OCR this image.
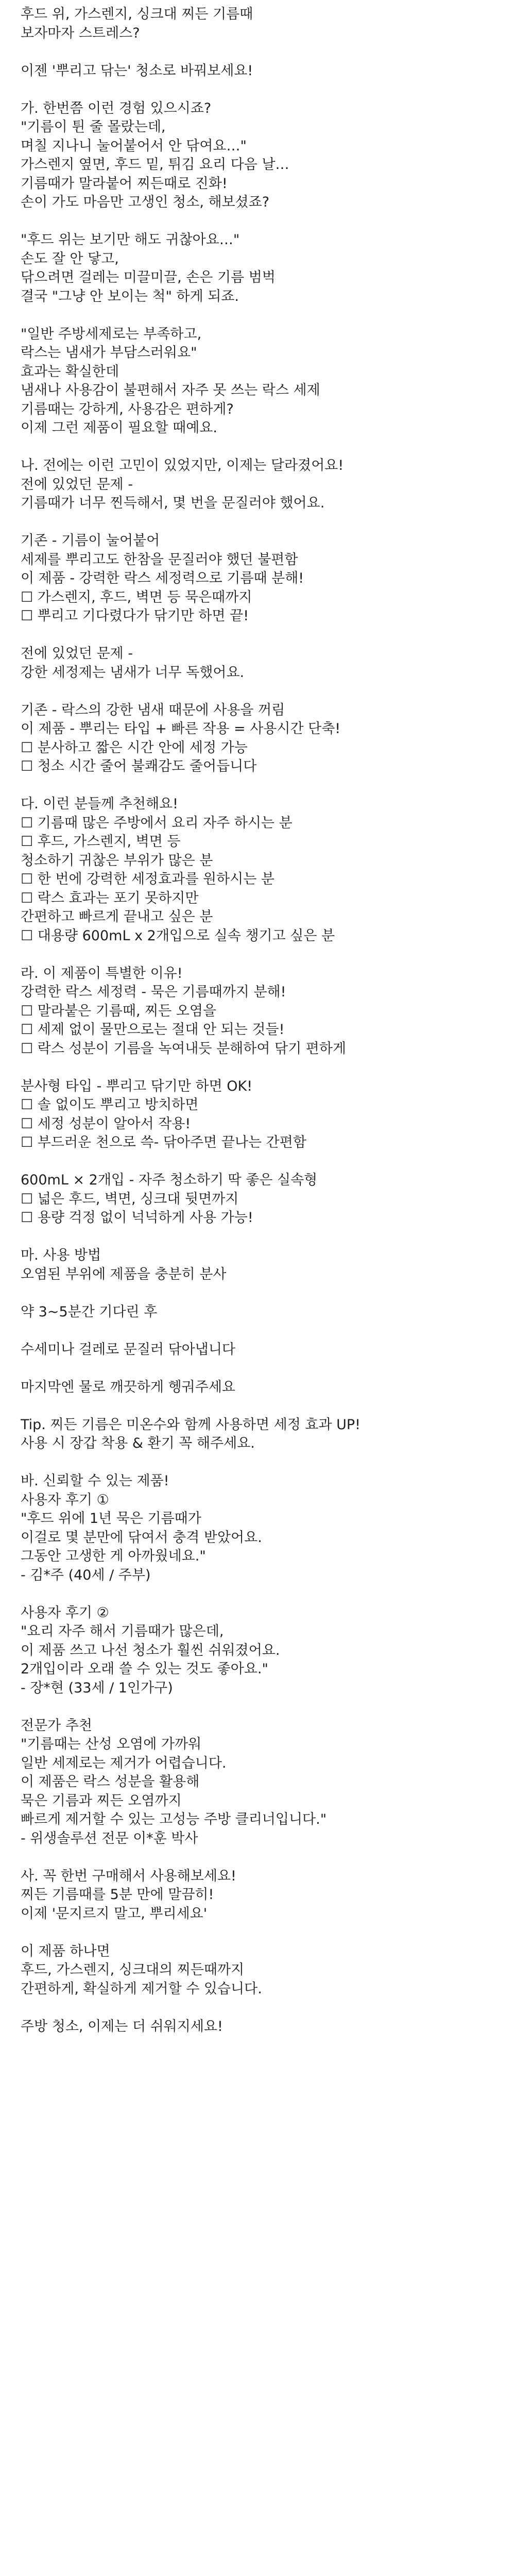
후드 위, 가스렌지, 싱크대 찌든 기름때

보자마자 스트레스?

이젠 '뿌리고 닦는' 청소로 바꿔보세요!

가. 한번쯤 이런 경험 있으시죠?

"기름이 튄 줄 몰랐는데,

며칠 지나니 눌어붙어서 안 닦여요…"

가스렌지 옆면, 후드 밑, 튀김 요리 다음 날…

기름때가 말라붙어 찌든때로 진화!

손이 가도 마음만 고생인 청소, 해보셨죠?

"후드 위는 보기만 해도 귀찮아요…"

손도 잘 안 닿고,

닦으려면 걸레는 미끌미끌, 손은 기름 범벅

결국 "그냥 안 보이는 척" 하게 되죠.

"일반 주방세제로는 부족하고,

락스는 냄새가 부담스러워요"

효과는 확실한데

냄새나 사용감이 불편해서 자주 못 쓰는 락스 세제

기름때는 강하게, 사용감은 편하게?

이제 그런 제품이 필요할 때예요.

나. 전에는 이런 고민이 있었지만, 이제는 달라졌어요!

전에 있었던 문제 -

기름때가 너무 찐득해서, 몇 번을 문질러야 했어요.

기존 - 기름이 눌어붙어

세제를 뿌리고도 한참을 문질러야 했던 불편함

이 제품 - 강력한 락스 세정력으로 기름때 분해!

☐ 가스렌지, 후드, 벽면 등 묵은때까지

☐ 뿌리고 기다렸다가 닦기만 하면 끝!

전에 있었던 문제 -

강한 세정제는 냄새가 너무 독했어요.

기존 - 락스의 강한 냄새 때문에 사용을 꺼림

이 제품 - 뿌리는 타입 + 빠른 작용 = 사용시간 단축!

☐ 분사하고 짧은 시간 안에 세정 가능

☐ 청소 시간 줄어 불쾌감도 줄어듭니다

다. 이런 분들께 추천해요!

☐ 기름때 많은 주방에서 요리 자주 하시는 분

☐ 후드, 가스렌지, 벽면 등

청소하기 귀찮은 부위가 많은 분

☐ 한 번에 강력한 세정효과를 원하시는 분

☐ 락스 효과는 포기 못하지만

간편하고 빠르게 끝내고 싶은 분

☐ 대용량 600mL x 2개입으로 실속 챙기고 싶은 분

라. 이 제품이 특별한 이유!

강력한 락스 세정력 - 묵은 기름때까지 분해!

☐ 말라붙은 기름때, 찌든 오염을

☐ 세제 없이 물만으로는 절대 안 되는 것들!

☐ 락스 성분이 기름을 녹여내듯 분해하여 닦기 편하게

분사형 타입 - 뿌리고 닦기만 하면 OK!

☐ 솔 없이도 뿌리고 방치하면

☐ 세정 성분이 알아서 작용!

☐ 부드러운 천으로 쓱- 닦아주면 끝나는 간편함

600mL × 2개입 - 자주 청소하기 딱 좋은 실속형

☐ 넓은 후드, 벽면, 싱크대 뒷면까지

☐ 용량 걱정 없이 넉넉하게 사용 가능!

마. 사용 방법

오염된 부위에 제품을 충분히 분사

약 3~5분간 기다린 후

수세미나 걸레로 문질러 닦아냅니다

마지막엔 물로 깨끗하게 헹궈주세요

Tip. 찌든 기름은 미온수와 함께 사용하면 세정 효과 UP!

사용 시 장갑 착용 & 환기 꼭 해주세요.

바. 신뢰할 수 있는 제품!

사용자 후기 ①

"후드 위에 1년 묵은 기름때가

이걸로 몇 분만에 닦여서 충격 받았어요.

그동안 고생한 게 아까웠네요."

- 김*주 (40세 / 주부)

사용자 후기 ②

"요리 자주 해서 기름때가 많은데,

이 제품 쓰고 나선 청소가 훨씬 쉬워졌어요.

2개입이라 오래 쓸 수 있는 것도 좋아요."

- 장*현 (33세 / 1인가구)

전문가 추천

"기름때는 산성 오염에 가까워

일반 세제로는 제거가 어렵습니다.

이 제품은 락스 성분을 활용해

묵은 기름과 찌든 오염까지

빠르게 제거할 수 있는 고성능 주방 클리너입니다."

- 위생솔루션 전문 이*훈 박사

사. 꼭 한번 구매해서 사용해보세요!

찌든 기름때를 5분 만에 말끔히!

이제 '문지르지 말고, 뿌리세요'

이 제품 하나면

후드, 가스렌지, 싱크대의 찌든때까지

간편하게, 확실하게 제거할 수 있습니다.

주방 청소, 이제는 더 쉬워지세요!
